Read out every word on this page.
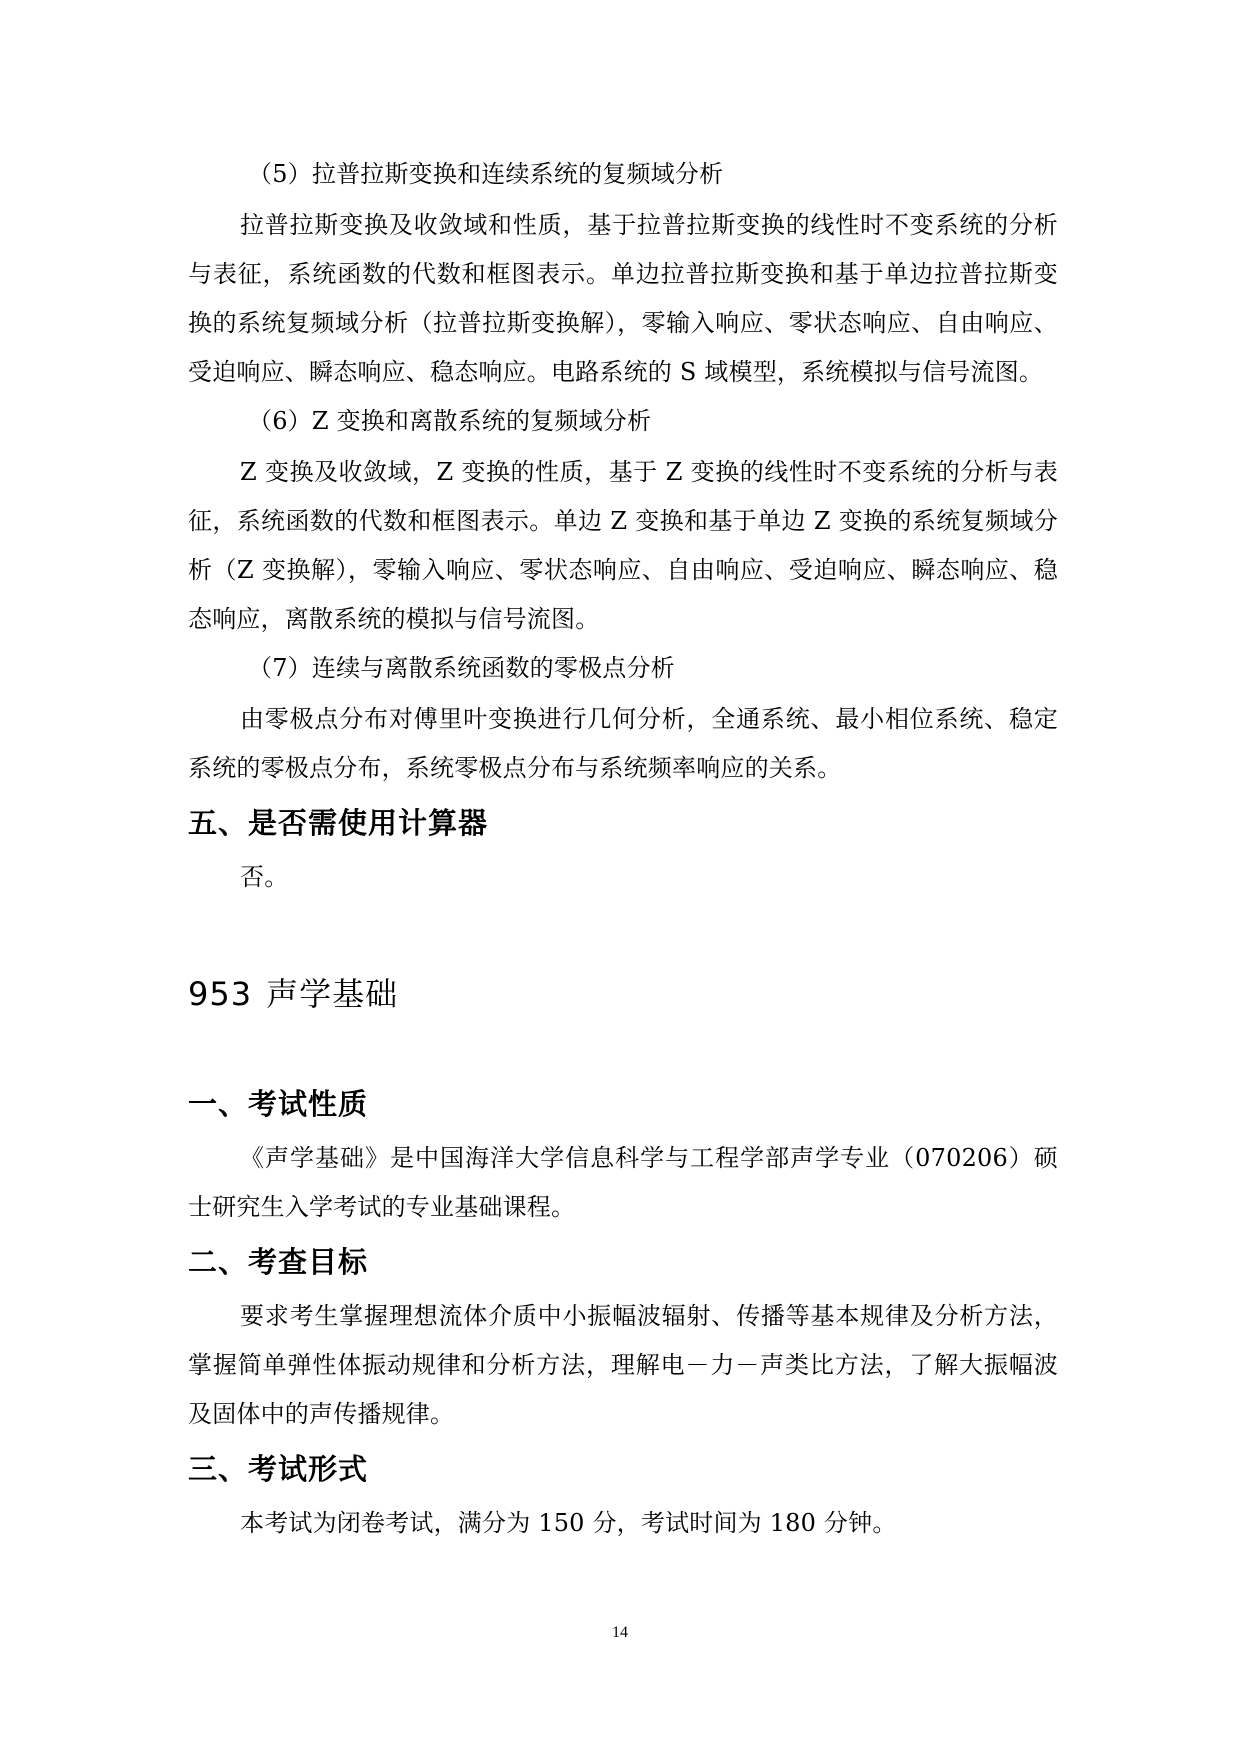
（5）拉普拉斯变换和连续系统的复频域分析

拉普拉斯变换及收敛域和性质，基于拉普拉斯变换的线性时不变系统的分析与表征，系统函数的代数和框图表示。单边拉普拉斯变换和基于单边拉普拉斯变换的系统复频域分析（拉普拉斯变换解），零输入响应、零状态响应、自由响应、受迫响应、瞬态响应、稳态响应。电路系统的 S 域模型，系统模拟与信号流图。

（6）Z 变换和离散系统的复频域分析

Z 变换及收敛域，Z 变换的性质，基于 Z 变换的线性时不变系统的分析与表征，系统函数的代数和框图表示。单边 Z 变换和基于单边 Z 变换的系统复频域分析（Z 变换解），零输入响应、零状态响应、自由响应、受迫响应、瞬态响应、稳态响应，离散系统的模拟与信号流图。

（7）连续与离散系统函数的零极点分析

由零极点分布对傅里叶变换进行几何分析，全通系统、最小相位系统、稳定系统的零极点分布，系统零极点分布与系统频率响应的关系。

五、是否需使用计算器

否。

953 声学基础
一、考试性质

《声学基础》是中国海洋大学信息科学与工程学部声学专业（070206）硕士研究生入学考试的专业基础课程。

二、考查目标

要求考生掌握理想流体介质中小振幅波辐射、传播等基本规律及分析方法，掌握简单弹性体振动规律和分析方法，理解电－力－声类比方法，了解大振幅波及固体中的声传播规律。

三、考试形式

本考试为闭卷考试，满分为 150 分，考试时间为 180 分钟。

14
